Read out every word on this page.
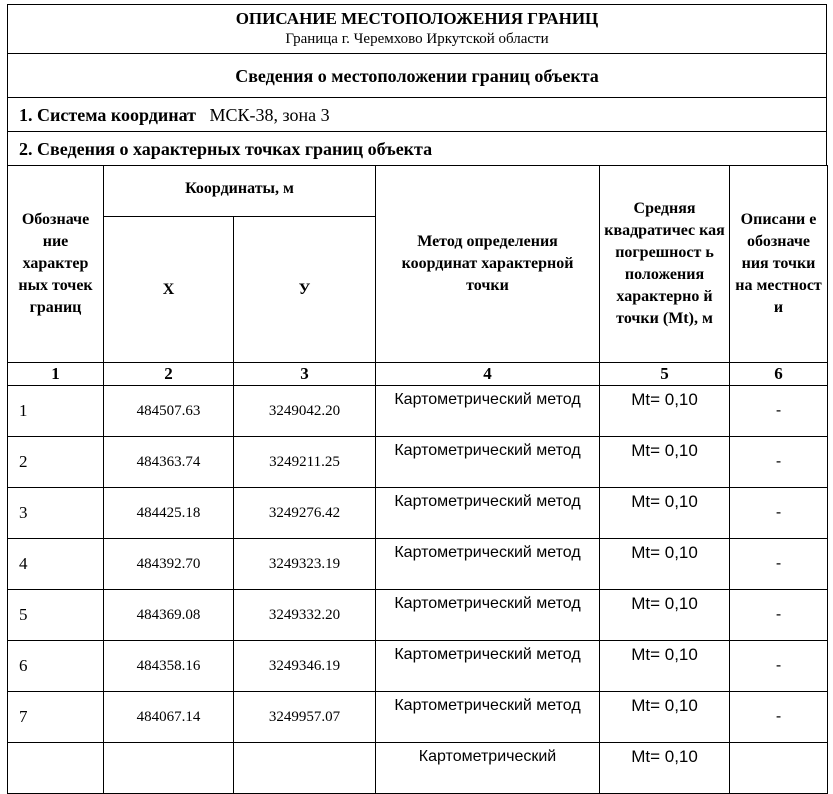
ОПИСАНИЕ МЕСТОПОЛОЖЕНИЯ ГРАНИЦ
Граница г. Черемхово Иркутской области
Сведения о местоположении границ объекта
1. Система координат МСК-38, зона 3
2. Сведения о характерных точках границ объекта
Обозначе ние характер ных точек границ	Координаты, м		Метод определения координат характерной точки	Средняя квадратичес кая погрешност ь положения характерно й точки (Mt), м	Описани е обозначе ния точки на местност и

	X	У			
1	2	3	4	5	6
1	484507.63	3249042.20	Картометрический метод	Mt= 0,10	-
2	484363.74	3249211.25	Картометрический метод	Mt= 0,10	-
3	484425.18	3249276.42	Картометрический метод	Mt= 0,10	-
4	484392.70	3249323.19	Картометрический метод	Mt= 0,10	-
5	484369.08	3249332.20	Картометрический метод	Mt= 0,10	-
6	484358.16	3249346.19	Картометрический метод	Mt= 0,10	-
7	484067.14	3249957.07	Картометрический метод	Mt= 0,10	-
			Картометрический	Mt= 0,10	
